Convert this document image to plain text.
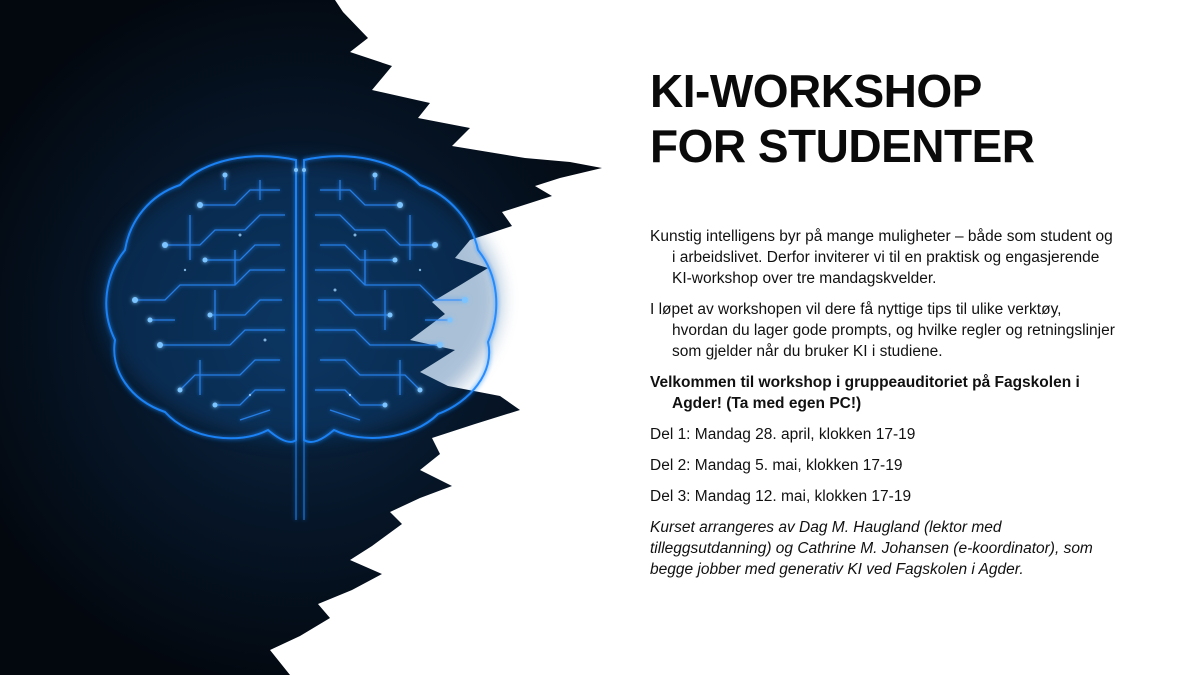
KI-WORKSHOP
FOR STUDENTER

Kunstig intelligens byr på mange muligheter – både som student og i arbeidslivet. Derfor inviterer vi til en praktisk og engasjerende KI-workshop over tre mandagskvelder.

I løpet av workshopen vil dere få nyttige tips til ulike verktøy, hvordan du lager gode prompts, og hvilke regler og retningslinjer som gjelder når du bruker KI i studiene.

Velkommen til workshop i gruppeauditoriet på Fagskolen i Agder! (Ta med egen PC!)

Del 1: Mandag 28. april, klokken 17-19

Del 2: Mandag 5. mai, klokken 17-19

Del 3: Mandag 12. mai, klokken 17-19

Kurset arrangeres av Dag M. Haugland (lektor med tilleggsutdanning) og Cathrine M. Johansen (e-koordinator), som begge jobber med generativ KI ved Fagskolen i Agder.
